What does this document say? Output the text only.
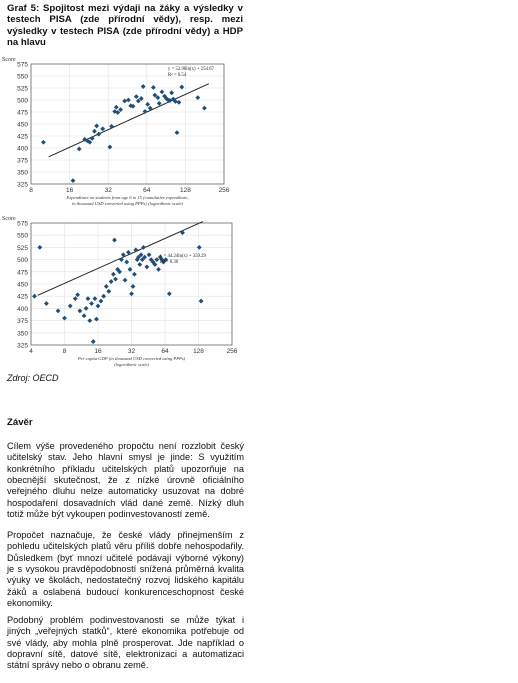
Graf 5: Spojitost mezi výdaji na žáky a výsledky v testech PISA (zde přírodní vědy), resp. mezi výsledky v testech PISA (zde přírodní vědy) a HDP na hlavu
325
350
375
400
425
450
475
500
525
550
575
8	16	32	64	128	256
Score
Expenditure on students from age 6 to 15 (cumulative expenditure,
in thousand USD converted using PPPs) (logarithmic scale)
y = 52.96ln(x) + 254.67
R² = 0.54
325
350
375
400
425
450
475
500
525
550
575
4	8	16	32	64	128	256
Score
Per capita GDP (in thousand USD converted using PPPs)
(logarithmic scale)
y = 44.24ln(x) + 359.29
R² = 0.36
Zdroj: OECD
Závěr

Cílem výše provedeného propočtu není rozzlobit český učitelský stav. Jeho hlavní smysl je jinde: S využitím konkrétního příkladu učitelských platů upozorňuje na obecnější skutečnost, že z nízké úrovně oficiálního veřejného dluhu nelze automaticky usuzovat na dobré hospodaření dosavadních vlád dané země. Nízký dluh totiž může být vykoupen podinvestovaností země.

Propočet naznačuje, že české vlády přinejmenším z pohledu učitelských platů věru příliš dobře nehospodařily. Důsledkem (byť mnozí učitelé podávají výborné výkony) je s vysokou pravděpodobností snížená průměrná kvalita výuky ve školách, nedostatečný rozvoj lidského kapitálu žáků a oslabená budoucí konkurenceschopnost české ekonomiky.

Podobný problém podinvestovanosti se může týkat i jiných „veřejných statků“, které ekonomika potřebuje od své vlády, aby mohla plně prosperovat. Jde například o dopravní sítě, datové sítě, elektronizaci a automatizaci státní správy nebo o obranu země.
